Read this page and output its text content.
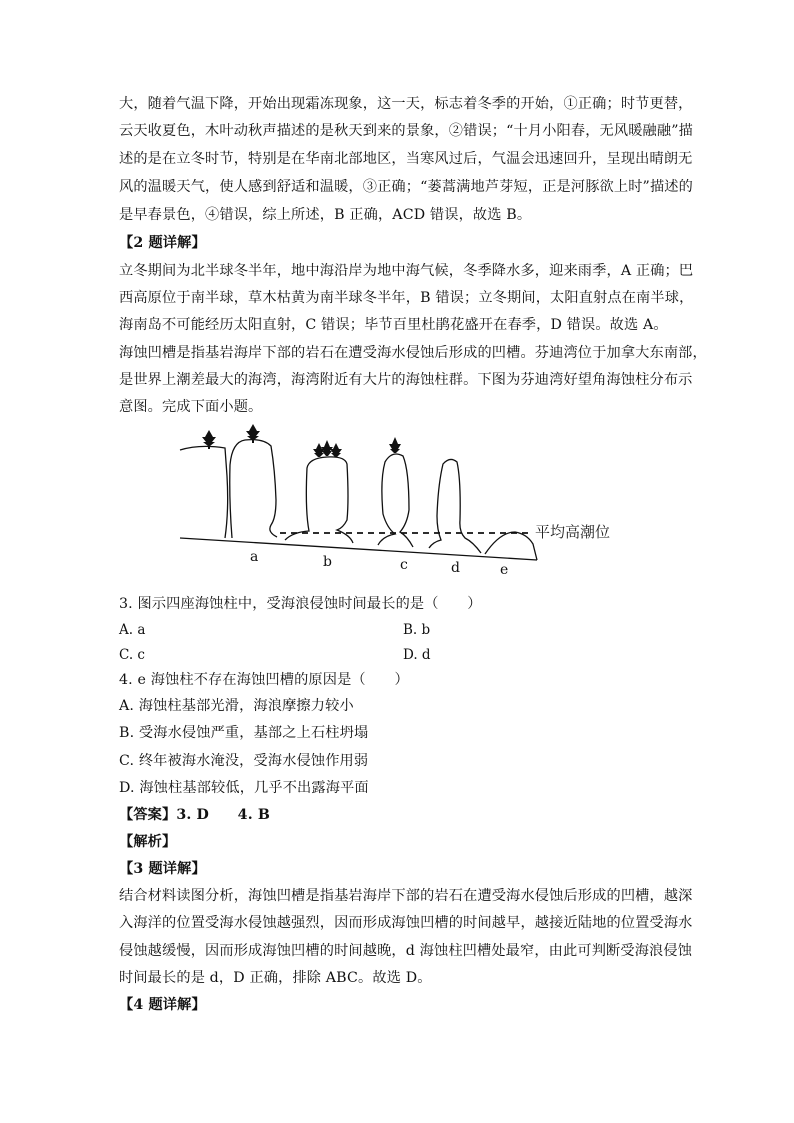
大，随着气温下降，开始出现霜冻现象，这一天，标志着冬季的开始，①正确；时节更替，
云天收夏色，木叶动秋声描述的是秋天到来的景象，②错误；“十月小阳春，无风暖融融”描
述的是在立冬时节，特别是在华南北部地区，当寒风过后，气温会迅速回升，呈现出晴朗无
风的温暖天气，使人感到舒适和温暖，③正确；“蒌蒿满地芦芽短，正是河豚欲上时”描述的
是早春景色，④错误，综上所述，B 正确，ACD 错误，故选 B。
【2 题详解】
立冬期间为北半球冬半年，地中海沿岸为地中海气候，冬季降水多，迎来雨季，A 正确；巴
西高原位于南半球，草木枯黄为南半球冬半年，B 错误；立冬期间，太阳直射点在南半球，
海南岛不可能经历太阳直射，C 错误；毕节百里杜鹃花盛开在春季，D 错误。故选 A。
海蚀凹槽是指基岩海岸下部的岩石在遭受海水侵蚀后形成的凹槽。芬迪湾位于加拿大东南部，
是世界上潮差最大的海湾，海湾附近有大片的海蚀柱群。下图为芬迪湾好望角海蚀柱分布示
意图。完成下面小题。
a	b	c	d	e
平均高潮位
3. 图示四座海蚀柱中，受海浪侵蚀时间最长的是（　　）
A. a	B. b
C. c	D. d
4. e 海蚀柱不存在海蚀凹槽的原因是（　　）
A. 海蚀柱基部光滑，海浪摩擦力较小
B. 受海水侵蚀严重，基部之上石柱坍塌
C. 终年被海水淹没，受海水侵蚀作用弱
D. 海蚀柱基部较低，几乎不出露海平面
【答案】3. D　　4. B
【解析】
【3 题详解】
结合材料读图分析，海蚀凹槽是指基岩海岸下部的岩石在遭受海水侵蚀后形成的凹槽，越深
入海洋的位置受海水侵蚀越强烈，因而形成海蚀凹槽的时间越早，越接近陆地的位置受海水
侵蚀越缓慢，因而形成海蚀凹槽的时间越晚，d 海蚀柱凹槽处最窄，由此可判断受海浪侵蚀
时间最长的是 d，D 正确，排除 ABC。故选 D。
【4 题详解】
